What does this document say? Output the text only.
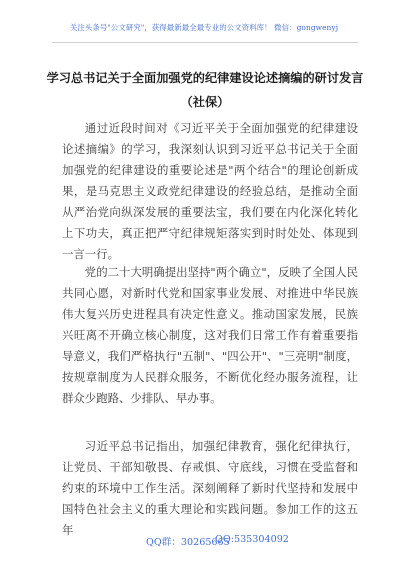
关注头条号"公文研究"，获得最新最全最专业的公文资料库！ 微信：gongwenyj
学习总书记关于全面加强党的纪律建设论述摘编的研讨发言（社保）

通过近段时间对《习近平关于全面加强党的纪律建设论述摘编》的学习，我深刻认识到习近平总书记关于全面加强党的纪律建设的重要论述是"两个结合"的理论创新成果，是马克思主义政党纪律建设的经验总结，是推动全面从严治党向纵深发展的重要法宝，我们要在内化深化转化上下功夫，真正把严守纪律规矩落实到时时处处、体现到一言一行。

党的二十大明确提出坚持"两个确立"，反映了全国人民共同心愿，对新时代党和国家事业发展、对推进中华民族伟大复兴历史进程具有决定性意义。推动国家发展，民族兴旺离不开确立核心制度，这对我们日常工作有着重要指导意义，我们严格执行"五制"、"四公开"、"三亮明"制度，按规章制度为人民群众服务，不断优化经办服务流程，让群众少跑路、少排队、早办事。

习近平总书记指出，加强纪律教育，强化纪律执行，让党员、干部知敬畏、存戒惧、守底线，习惯在受监督和约束的环境中工作生活。深刻阐释了新时代坚持和发展中国特色社会主义的重大理论和实践问题。参加工作的这五年

QQ群：30265665
QQ:535304092
